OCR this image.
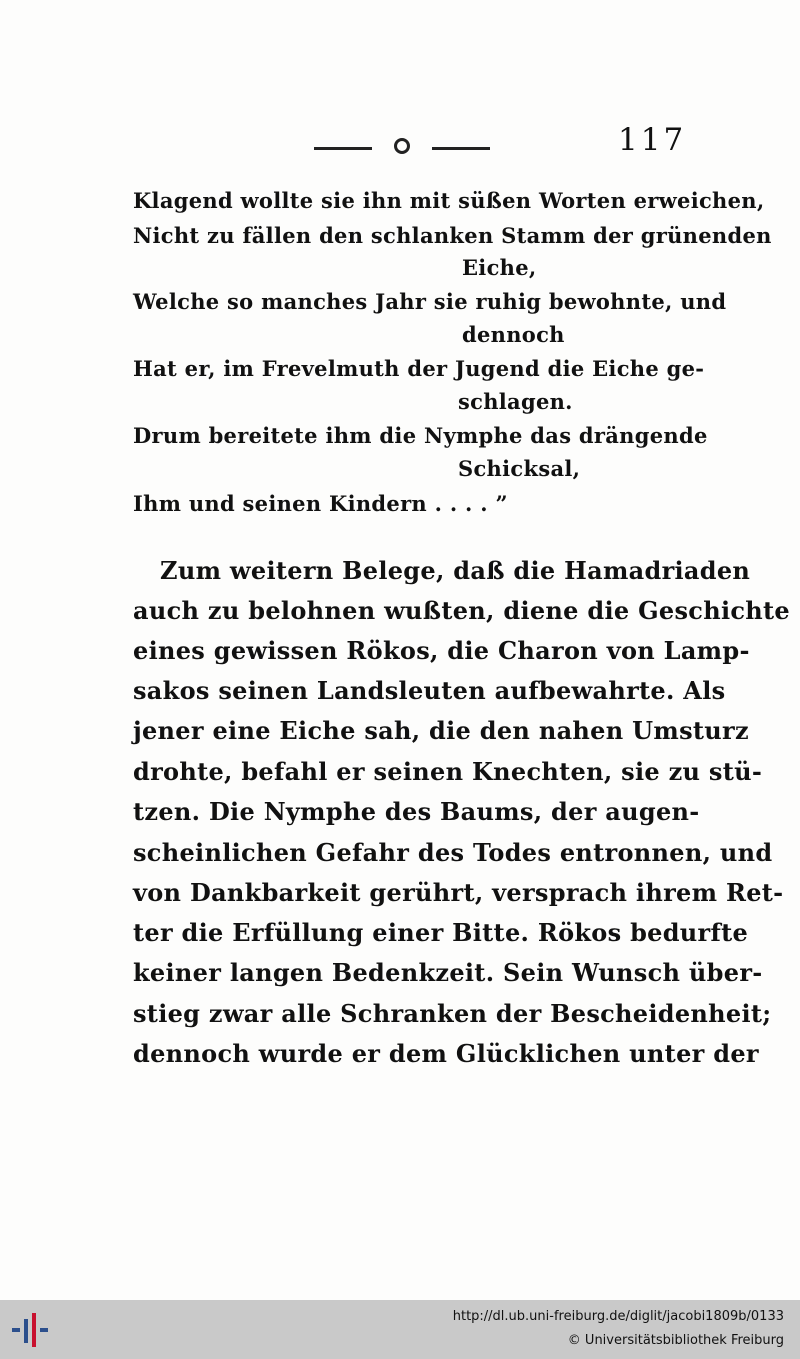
117
Klagend wollte sie ihn mit süßen Worten erweichen,
Nicht zu fällen den schlanken Stamm der grünenden
Eiche,
Welche so manches Jahr sie ruhig bewohnte, und
dennoch
Hat er, im Frevelmuth der Jugend die Eiche ge-
schlagen.
Drum bereitete ihm die Nymphe das drängende
Schicksal,
Ihm und seinen Kindern . . . . ”
Zum weitern Belege, daß die Hamadriaden
auch zu belohnen wußten, diene die Geschichte
eines gewissen Rökos, die Charon von Lamp-
sakos seinen Landsleuten aufbewahrte. Als
jener eine Eiche sah, die den nahen Umsturz
drohte, befahl er seinen Knechten, sie zu stü-
tzen. Die Nymphe des Baums, der augen-
scheinlichen Gefahr des Todes entronnen, und
von Dankbarkeit gerührt, versprach ihrem Ret-
ter die Erfüllung einer Bitte. Rökos bedurfte
keiner langen Bedenkzeit. Sein Wunsch über-
stieg zwar alle Schranken der Bescheidenheit;
dennoch wurde er dem Glücklichen unter der
http://dl.ub.uni-freiburg.de/diglit/jacobi1809b/0133
© Universitätsbibliothek Freiburg
